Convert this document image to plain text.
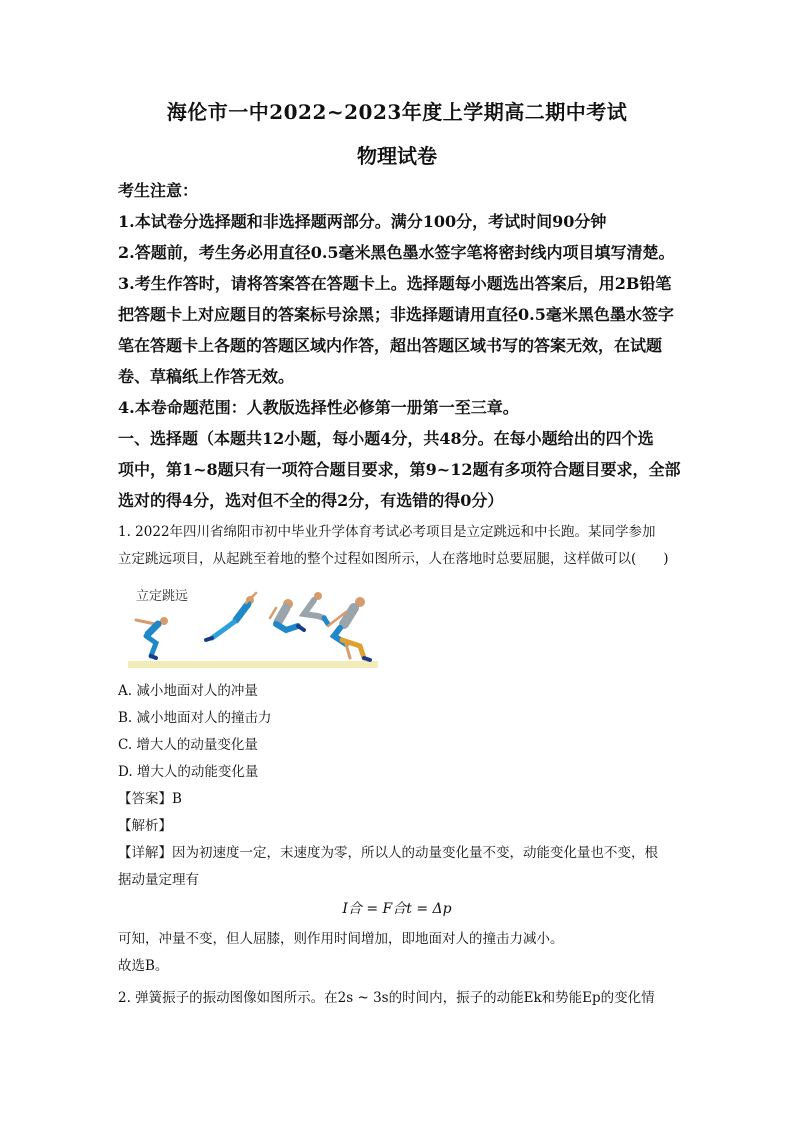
海伦市一中2022~2023年度上学期高二期中考试
物理试卷
考生注意：
1.本试卷分选择题和非选择题两部分。满分100分，考试时间90分钟
2.答题前，考生务必用直径0.5毫米黑色墨水签字笔将密封线内项目填写清楚。
3.考生作答时，请将答案答在答题卡上。选择题每小题选出答案后，用2B铅笔
把答题卡上对应题目的答案标号涂黑；非选择题请用直径0.5毫米黑色墨水签字
笔在答题卡上各题的答题区域内作答，超出答题区域书写的答案无效，在试题
卷、草稿纸上作答无效。
4.本卷命题范围：人教版选择性必修第一册第一至三章。
一、选择题（本题共12小题，每小题4分，共48分。在每小题给出的四个选
项中，第1~8题只有一项符合题目要求，第9~12题有多项符合题目要求，全部
选对的得4分，选对但不全的得2分，有选错的得0分）
1. 2022年四川省绵阳市初中毕业升学体育考试必考项目是立定跳远和中长跑。某同学参加
立定跳远项目，从起跳至着地的整个过程如图所示，人在落地时总要屈腿，这样做可以(　　)
立定跳远
A. 减小地面对人的冲量
B. 减小地面对人的撞击力
C. 增大人的动量变化量
D. 增大人的动能变化量
【答案】B
【解析】
【详解】因为初速度一定，末速度为零，所以人的动量变化量不变，动能变化量也不变，根
据动量定理有
I合 = F合t = Δp
可知，冲量不变，但人屈膝，则作用时间增加，即地面对人的撞击力减小。
故选B。
2. 弹簧振子的振动图像如图所示。在2s ~ 3s的时间内，振子的动能Ek和势能Ep的变化情
